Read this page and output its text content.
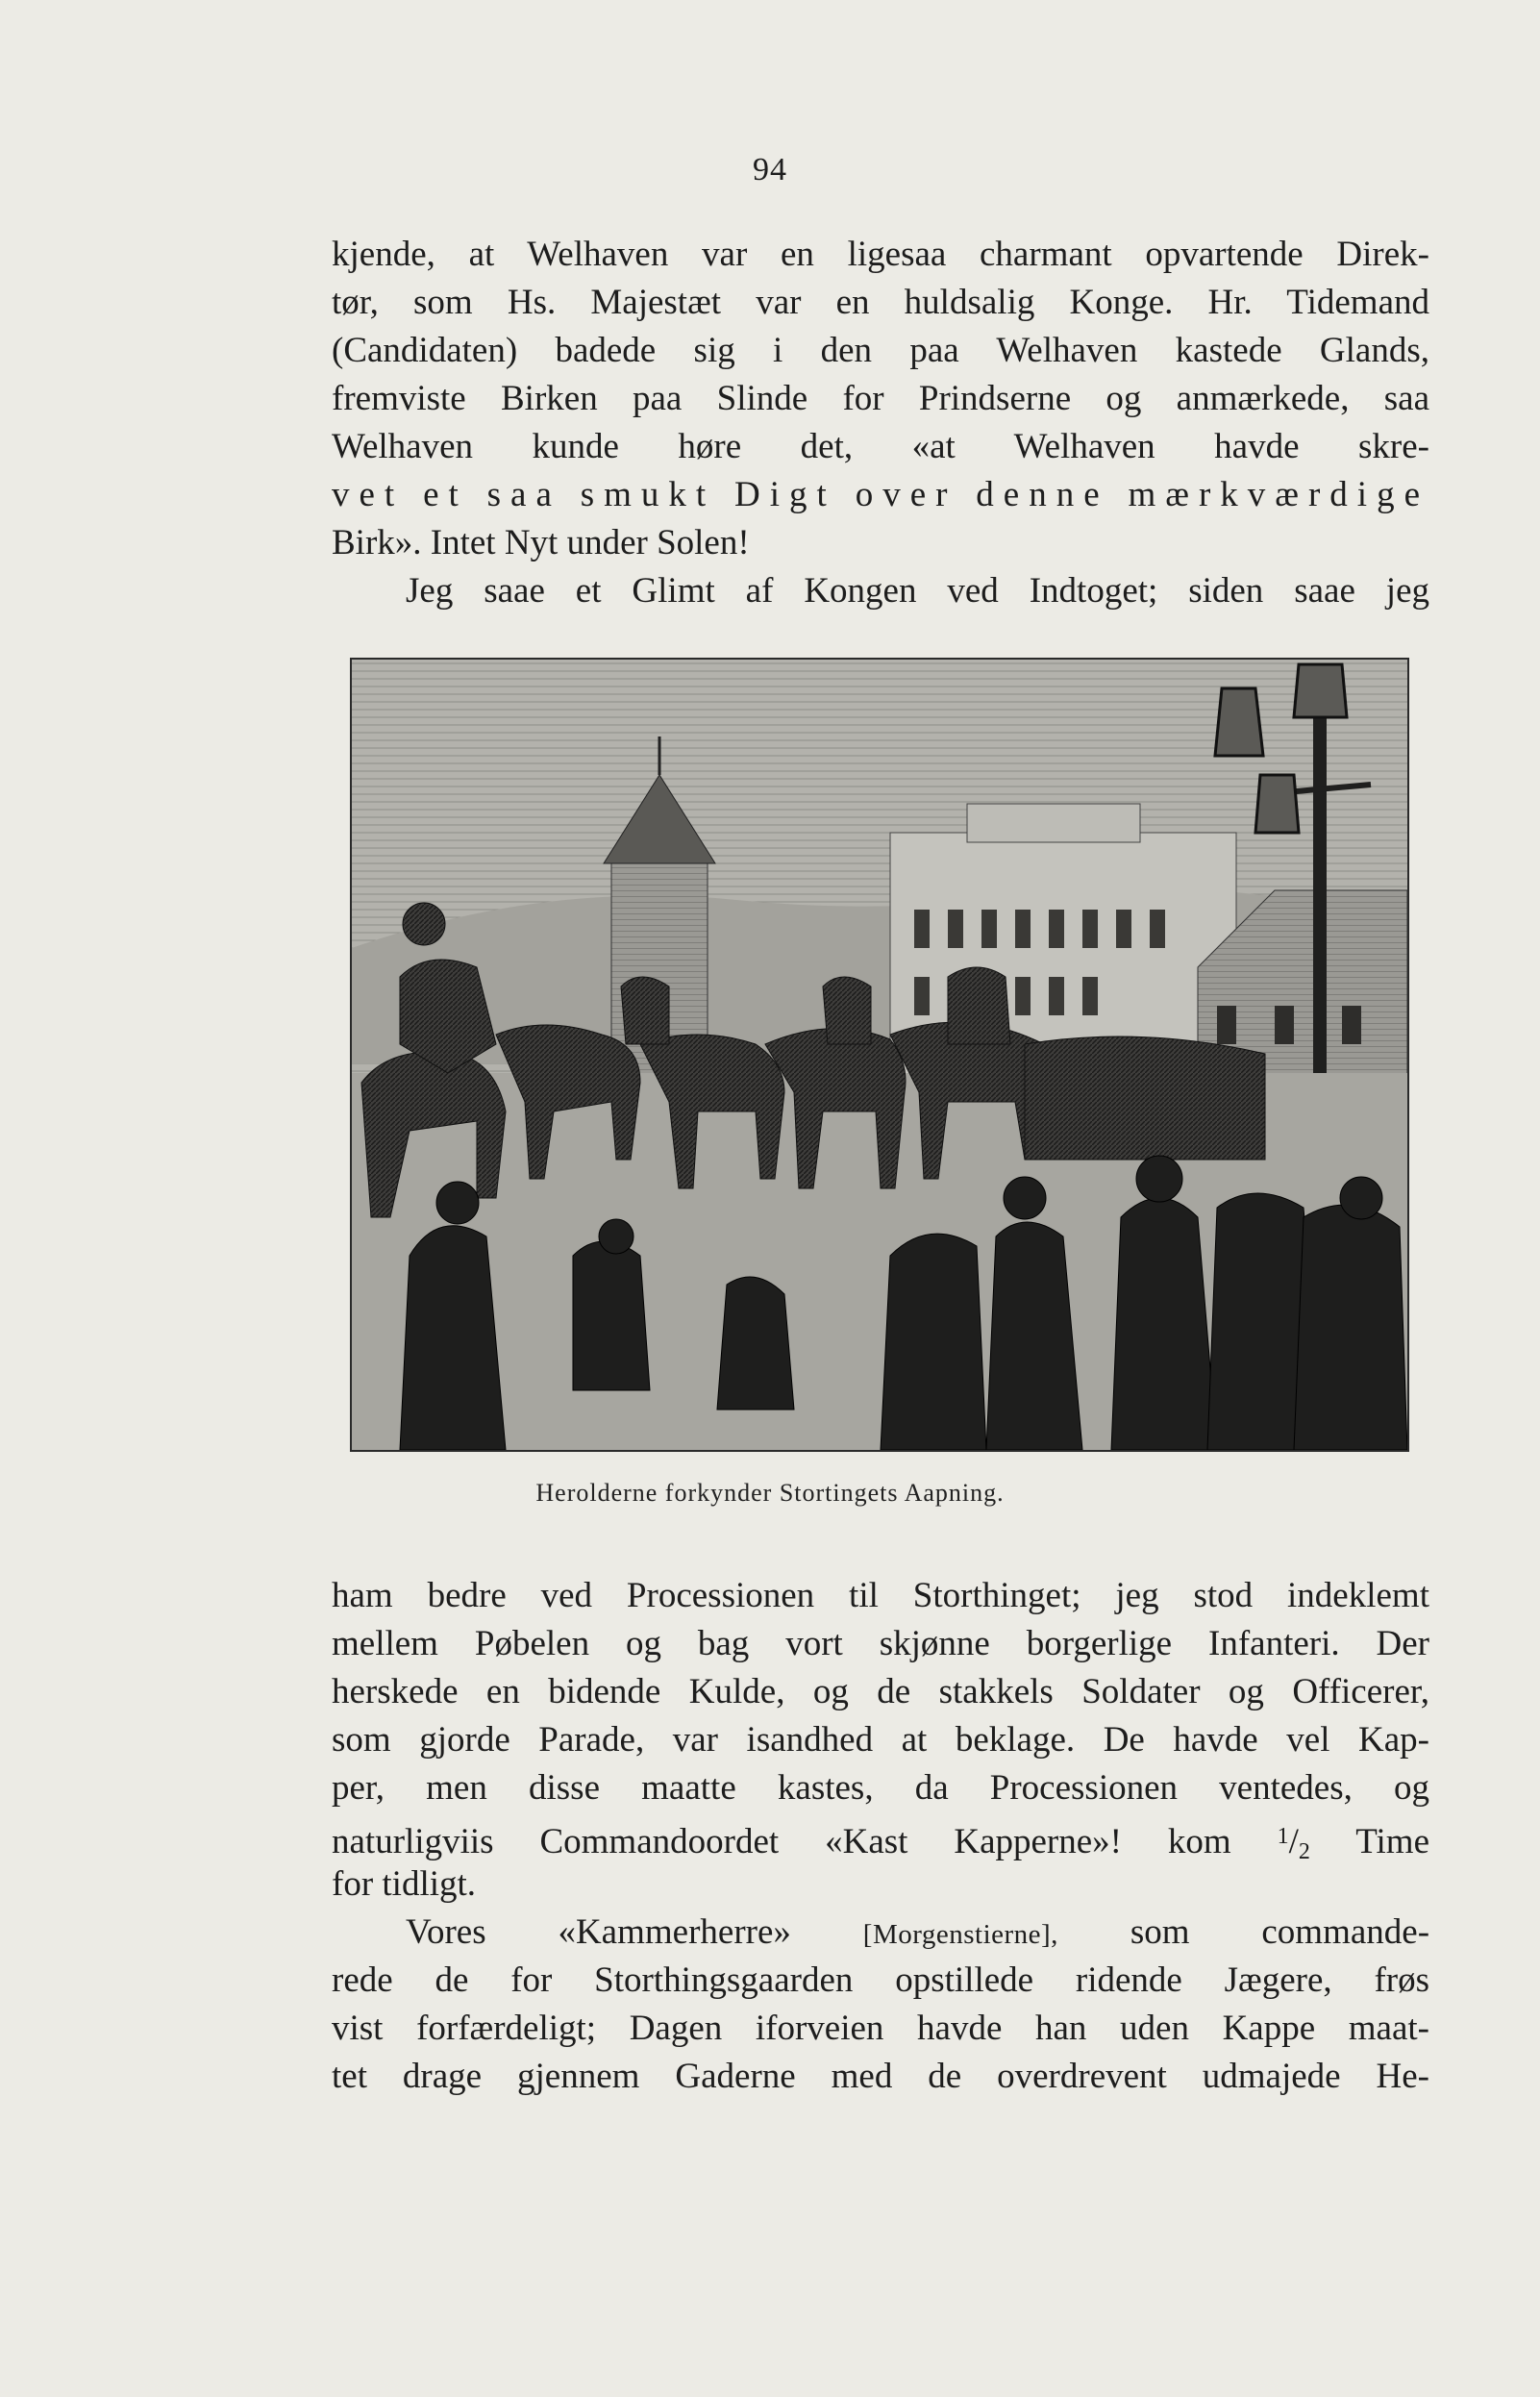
94
kjende, at Welhaven var en ligesaa charmant opvartende Direk-
tør, som Hs. Majestæt var en huldsalig Konge. Hr. Tidemand
(Candidaten) badede sig i den paa Welhaven kastede Glands,
fremviste Birken paa Slinde for Prindserne og anmærkede, saa
Welhaven kunde høre det, «at Welhaven havde skre-
vet et saa smukt Digt over denne mærkværdige
Birk». Intet Nyt under Solen!
Jeg saae et Glimt af Kongen ved Indtoget; siden saae jeg
Herolderne forkynder Stortingets Aapning.
ham bedre ved Processionen til Storthinget; jeg stod indeklemt
mellem Pøbelen og bag vort skjønne borgerlige Infanteri. Der
herskede en bidende Kulde, og de stakkels Soldater og Officerer,
som gjorde Parade, var isandhed at beklage. De havde vel Kap-
per, men disse maatte kastes, da Processionen ventedes, og
naturligviis Commandoordet «Kast Kapperne»! kom $^1/_2$ Time
for tidligt.
Vores «Kammerherre»	[Morgenstierne], som commande-
rede de for Storthingsgaarden opstillede ridende Jægere, frøs
vist forfærdeligt; Dagen iforveien havde han uden Kappe maat-
tet drage gjennem Gaderne med de overdrevent udmajede He-
